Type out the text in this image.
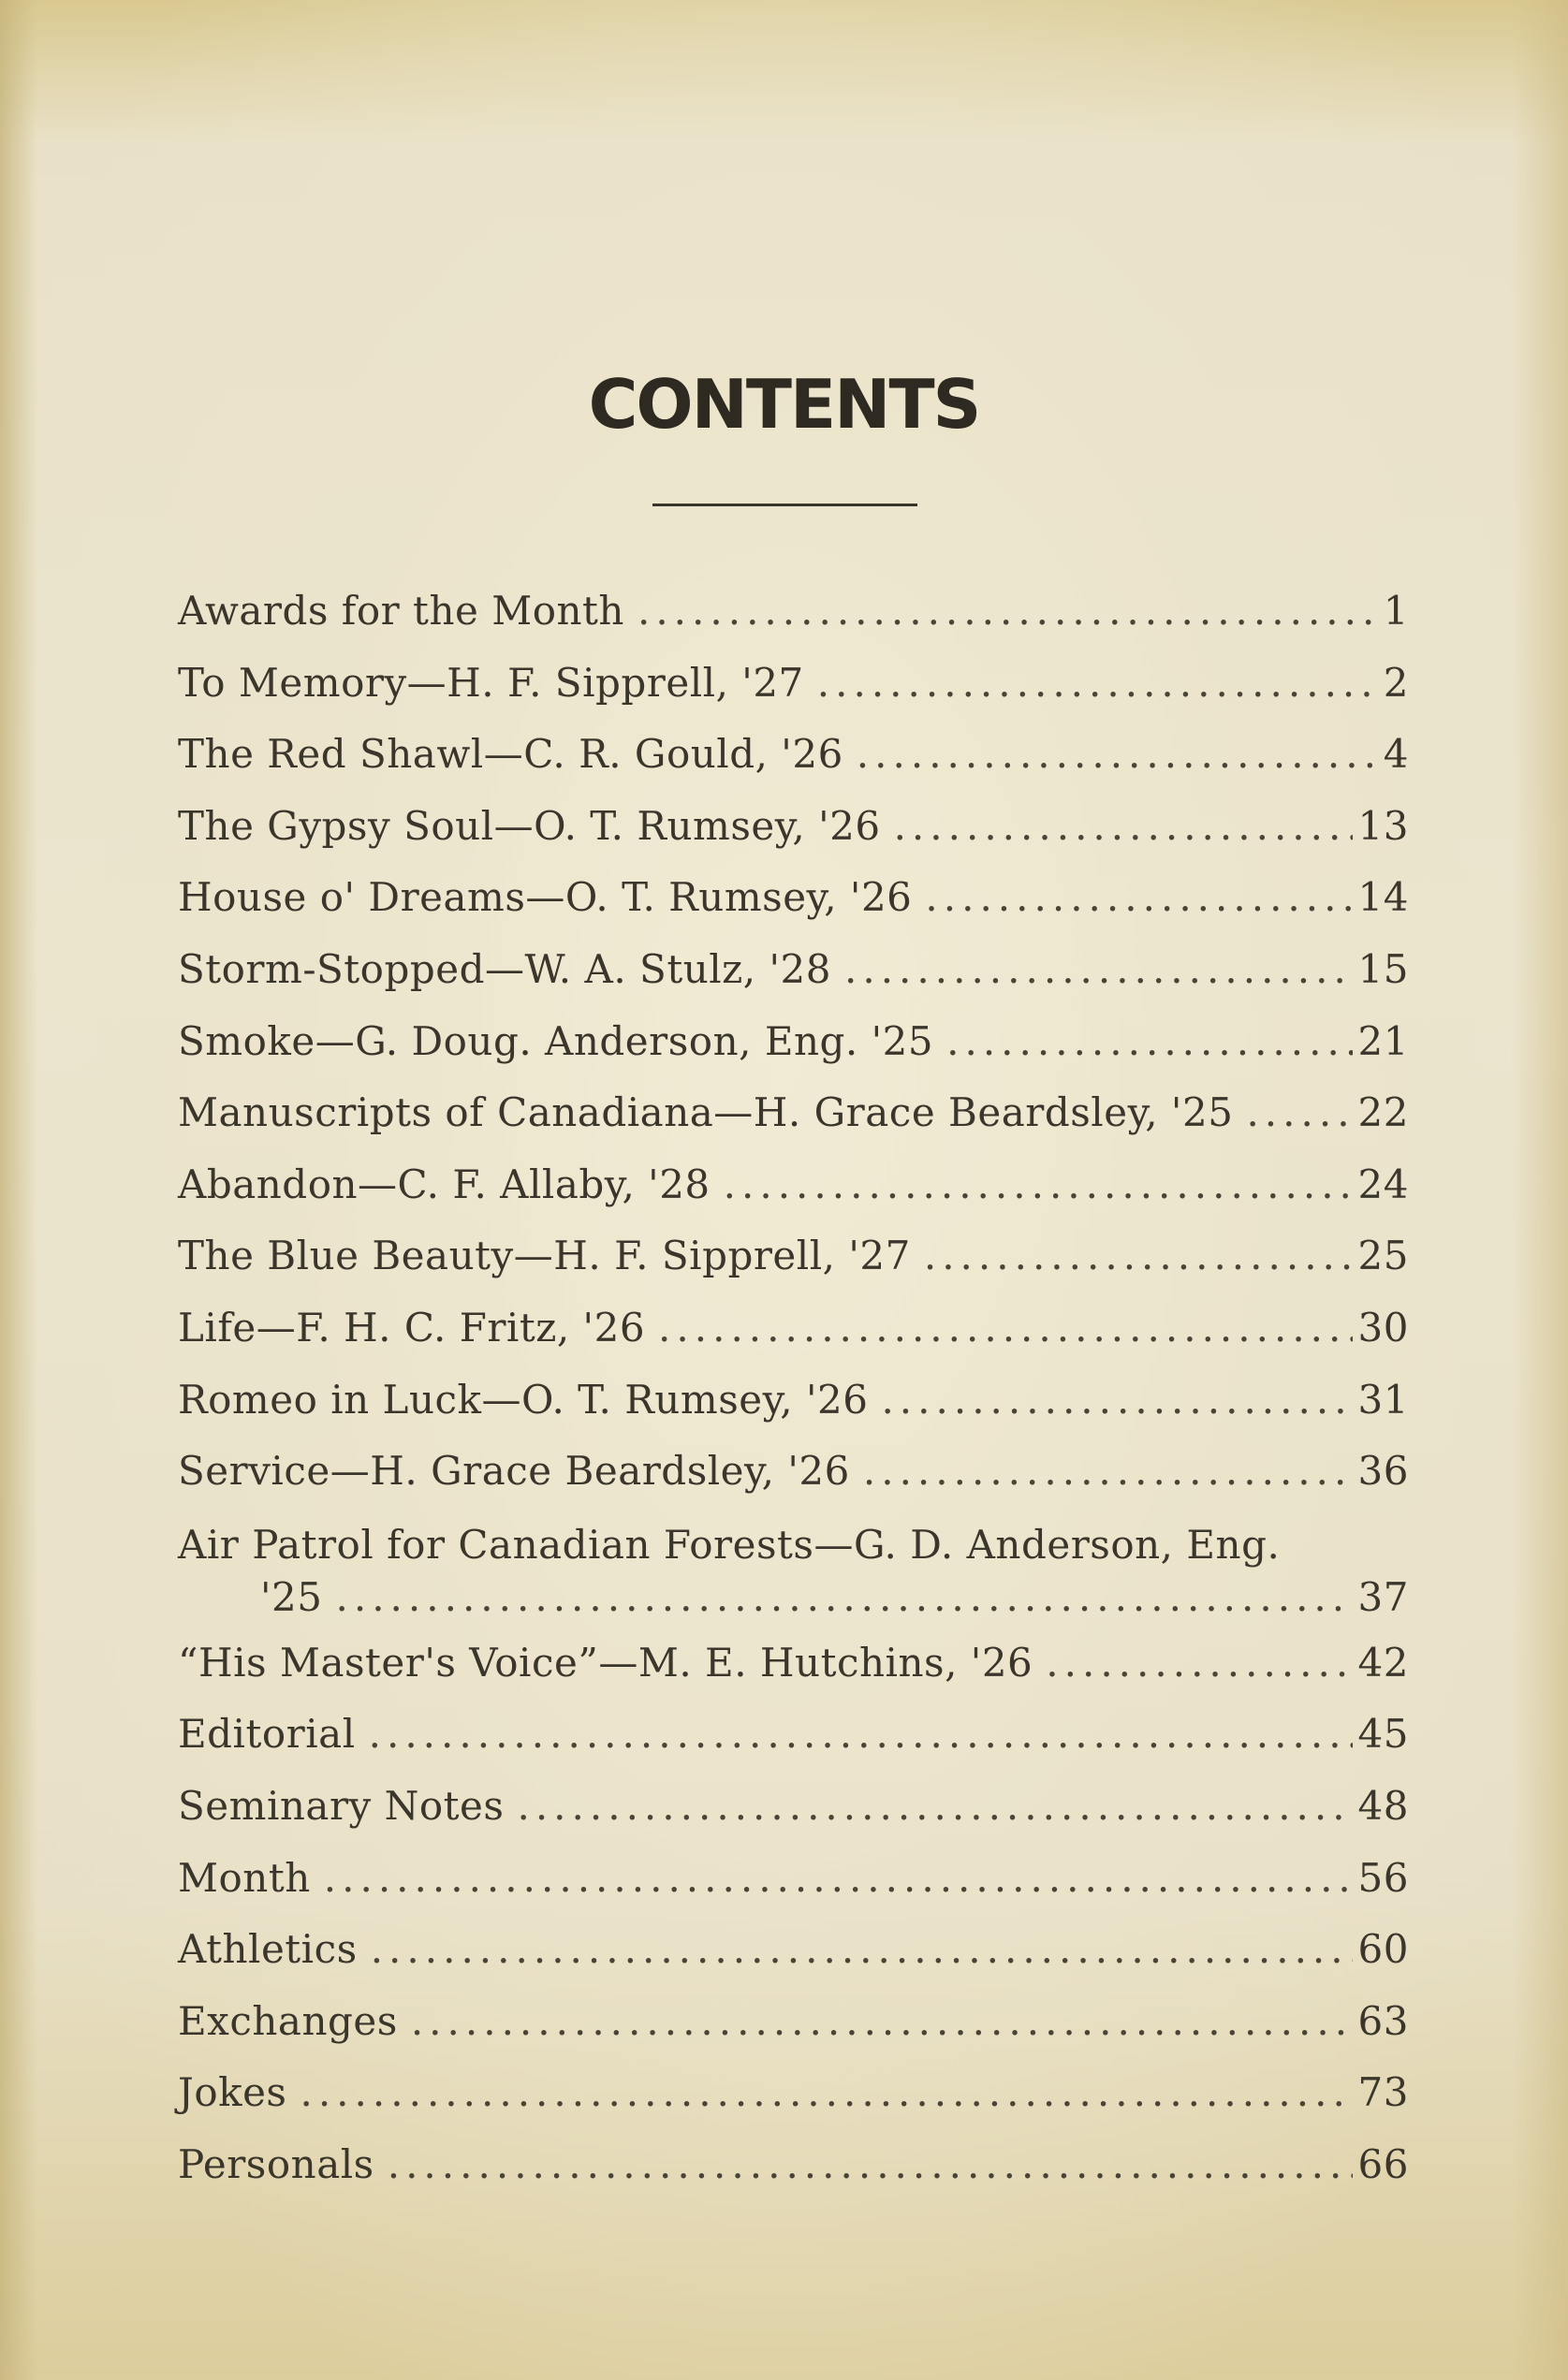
CONTENTS
Awards for the Month .....	1
To Memory—H. F. Sipprell, '27 .....	2
The Red Shawl—C. R. Gould, '26 .....	4
The Gypsy Soul—O. T. Rumsey, '26 .....	13
House o' Dreams—O. T. Rumsey, '26 .....	14
Storm-Stopped—W. A. Stulz, '28 .....	15
Smoke—G. Doug. Anderson, Eng. '25 .....	21
Manuscripts of Canadiana—H. Grace Beardsley, '25 .....	22
Abandon—C. F. Allaby, '28 .....	24
The Blue Beauty—H. F. Sipprell, '27 .....	25
Life—F. H. C. Fritz, '26 .....	30
Romeo in Luck—O. T. Rumsey, '26 .....	31
Service—H. Grace Beardsley, '26 .....	36
Air Patrol for Canadian Forests—G. D. Anderson, Eng.
'25 .....	37
“His Master's Voice”—M. E. Hutchins, '26 .....	42
Editorial .....	45
Seminary Notes .....	48
Month .....	56
Athletics .....	60
Exchanges .....	63
Jokes .....	73
Personals .....	66
